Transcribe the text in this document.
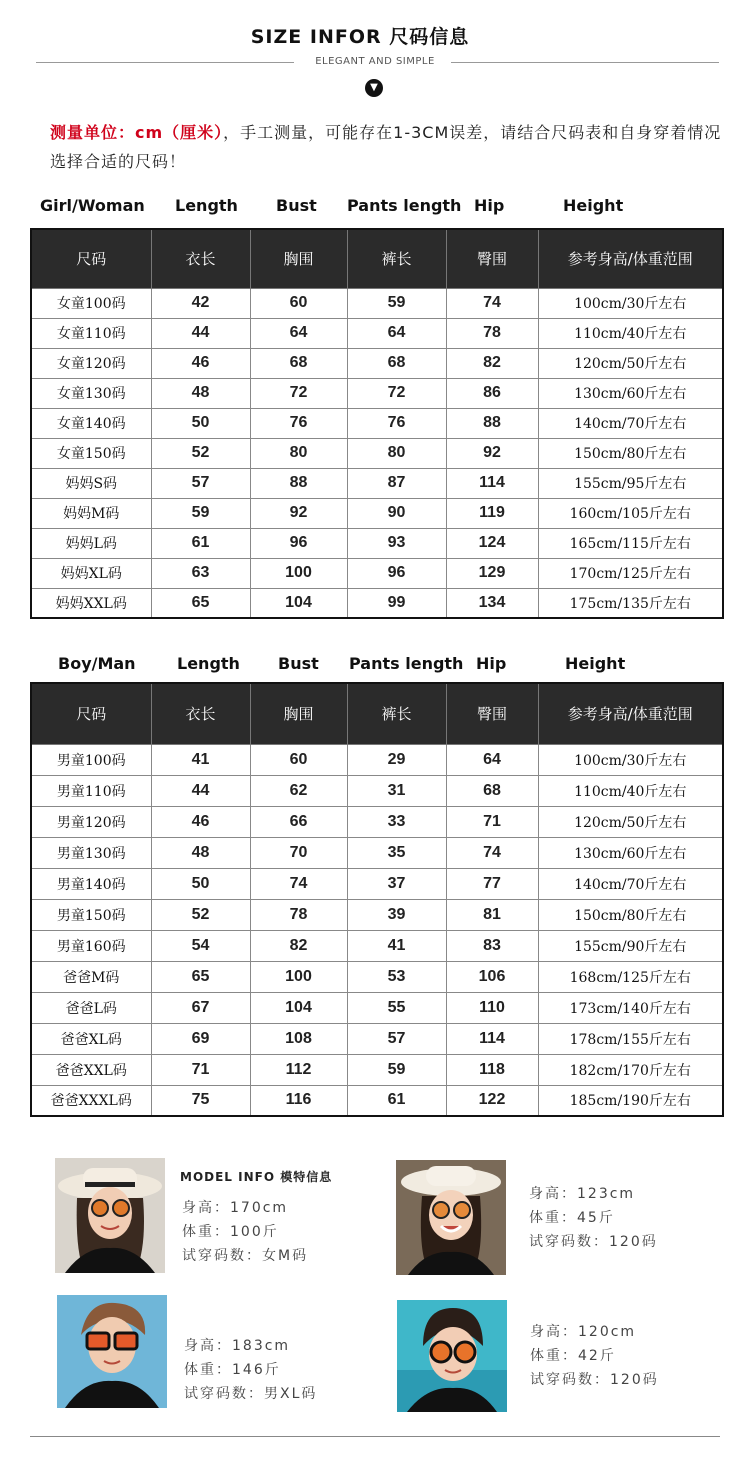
SIZE INFOR 尺码信息
ELEGANT AND SIMPLE
▼
测量单位：cm（厘米），手工测量，可能存在1-3CM误差，请结合尺码表和自身穿着情况选择合适的尺码！
Girl/Woman Length Bust Pants length Hip	Height
尺码	衣长	胸围	裤长	臀围	参考身高/体重范围
女童100码	42	60	59	74	100cm/30斤左右
女童110码	44	64	64	78	110cm/40斤左右
女童120码	46	68	68	82	120cm/50斤左右
女童130码	48	72	72	86	130cm/60斤左右
女童140码	50	76	76	88	140cm/70斤左右
女童150码	52	80	80	92	150cm/80斤左右
妈妈S码	57	88	87	114	155cm/95斤左右
妈妈M码	59	92	90	119	160cm/105斤左右
妈妈L码	61	96	93	124	165cm/115斤左右
妈妈XL码	63	100	96	129	170cm/125斤左右
妈妈XXL码	65	104	99	134	175cm/135斤左右
Boy/Man	Length Bust Pants length Hip	Height
尺码	衣长	胸围	裤长	臀围	参考身高/体重范围
男童100码	41	60	29	64	100cm/30斤左右
男童110码	44	62	31	68	110cm/40斤左右
男童120码	46	66	33	71	120cm/50斤左右
男童130码	48	70	35	74	130cm/60斤左右
男童140码	50	74	37	77	140cm/70斤左右
男童150码	52	78	39	81	150cm/80斤左右
男童160码	54	82	41	83	155cm/90斤左右
爸爸M码	65	100	53	106	168cm/125斤左右
爸爸L码	67	104	55	110	173cm/140斤左右
爸爸XL码	69	108	57	114	178cm/155斤左右
爸爸XXL码	71	112	59	118	182cm/170斤左右
爸爸XXXL码	75	116	61	122	185cm/190斤左右
MODEL INFO 模特信息
身高：170cm
体重：100斤
试穿码数：女M码
身高：123cm
体重：45斤
试穿码数：120码
身高：183cm
体重：146斤
试穿码数：男XL码
身高：120cm
体重：42斤
试穿码数：120码
